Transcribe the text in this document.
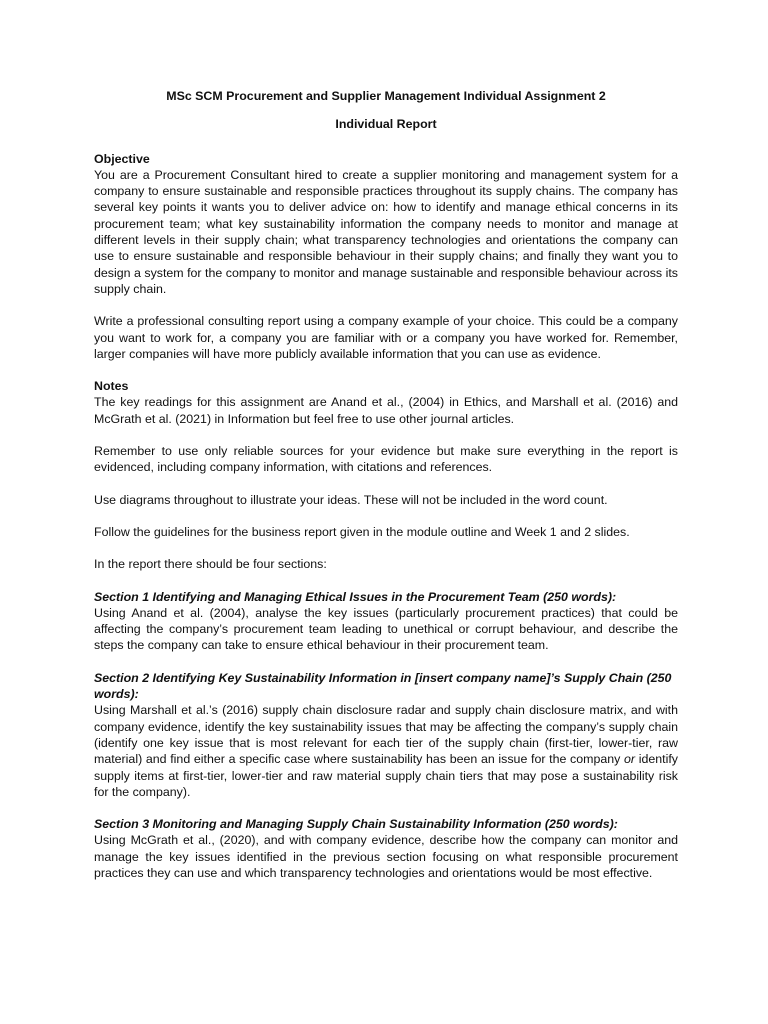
MSc SCM Procurement and Supplier Management Individual Assignment 2

Individual Report

Objective

You are a Procurement Consultant hired to create a supplier monitoring and management system for a company to ensure sustainable and responsible practices throughout its supply chains. The company has several key points it wants you to deliver advice on: how to identify and manage ethical concerns in its procurement team; what key sustainability information the company needs to monitor and manage at different levels in their supply chain; what transparency technologies and orientations the company can use to ensure sustainable and responsible behaviour in their supply chains; and finally they want you to design a system for the company to monitor and manage sustainable and responsible behaviour across its supply chain.

Write a professional consulting report using a company example of your choice. This could be a company you want to work for, a company you are familiar with or a company you have worked for. Remember, larger companies will have more publicly available information that you can use as evidence.

Notes

The key readings for this assignment are Anand et al., (2004) in Ethics, and Marshall et al. (2016) and McGrath et al. (2021) in Information but feel free to use other journal articles.

Remember to use only reliable sources for your evidence but make sure everything in the report is evidenced, including company information, with citations and references.

Use diagrams throughout to illustrate your ideas. These will not be included in the word count.

Follow the guidelines for the business report given in the module outline and Week 1 and 2 slides.

In the report there should be four sections:

Section 1 Identifying and Managing Ethical Issues in the Procurement Team (250 words):

Using Anand et al. (2004), analyse the key issues (particularly procurement practices) that could be affecting the company’s procurement team leading to unethical or corrupt behaviour, and describe the steps the company can take to ensure ethical behaviour in their procurement team.

Section 2 Identifying Key Sustainability Information in [insert company name]’s Supply Chain (250 words):

Using Marshall et al.’s (2016) supply chain disclosure radar and supply chain disclosure matrix, and with company evidence, identify the key sustainability issues that may be affecting the company’s supply chain (identify one key issue that is most relevant for each tier of the supply chain (first-tier, lower-tier, raw material) and find either a specific case where sustainability has been an issue for the company or identify supply items at first-tier, lower-tier and raw material supply chain tiers that may pose a sustainability risk for the company).

Section 3 Monitoring and Managing Supply Chain Sustainability Information (250 words):

Using McGrath et al., (2020), and with company evidence, describe how the company can monitor and manage the key issues identified in the previous section focusing on what responsible procurement practices they can use and which transparency technologies and orientations would be most effective.
